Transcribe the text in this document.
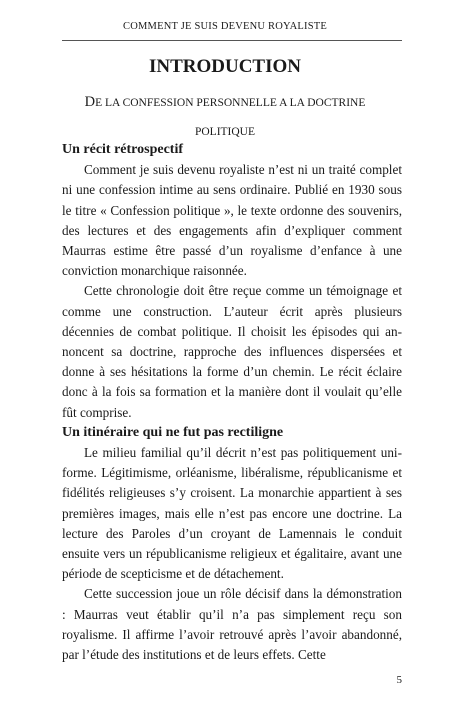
COMMENT JE SUIS DEVENU ROYALISTE
INTRODUCTION
DE LA CONFESSION PERSONNELLE A LA DOCTRINE
POLITIQUE
Un récit rétrospectif

Comment je suis devenu royaliste n’est ni un traité complet ni une confession intime au sens ordinaire. Publié en 1930 sous le titre « Confession politique », le texte ordonne des souvenirs, des lectures et des engagements afin d’expliquer comment Maurras estime être passé d’un royalisme d’enfance à une conviction monarchique raisonnée.

Cette chronologie doit être reçue comme un témoignage et comme une construction. L’auteur écrit après plusieurs décennies de combat politique. Il choisit les épisodes qui annoncent sa doctrine, rapproche des influences dispersées et donne à ses hésitations la forme d’un chemin. Le récit éclaire donc à la fois sa formation et la manière dont il voulait qu’elle fût comprise.

Un itinéraire qui ne fut pas rectiligne

Le milieu familial qu’il décrit n’est pas politiquement uniforme. Légitimisme, orléanisme, libéralisme, républicanisme et fidélités religieuses s’y croisent. La monarchie appartient à ses premières images, mais elle n’est pas encore une doctrine. La lecture des Paroles d’un croyant de Lamennais le conduit ensuite vers un républicanisme religieux et égalitaire, avant une période de scepticisme et de détachement.

Cette succession joue un rôle décisif dans la démonstration : Maurras veut établir qu’il n’a pas simplement reçu son royalisme. Il affirme l’avoir retrouvé après l’avoir abandonné, par l’étude des institutions et de leurs effets. Cette

5
